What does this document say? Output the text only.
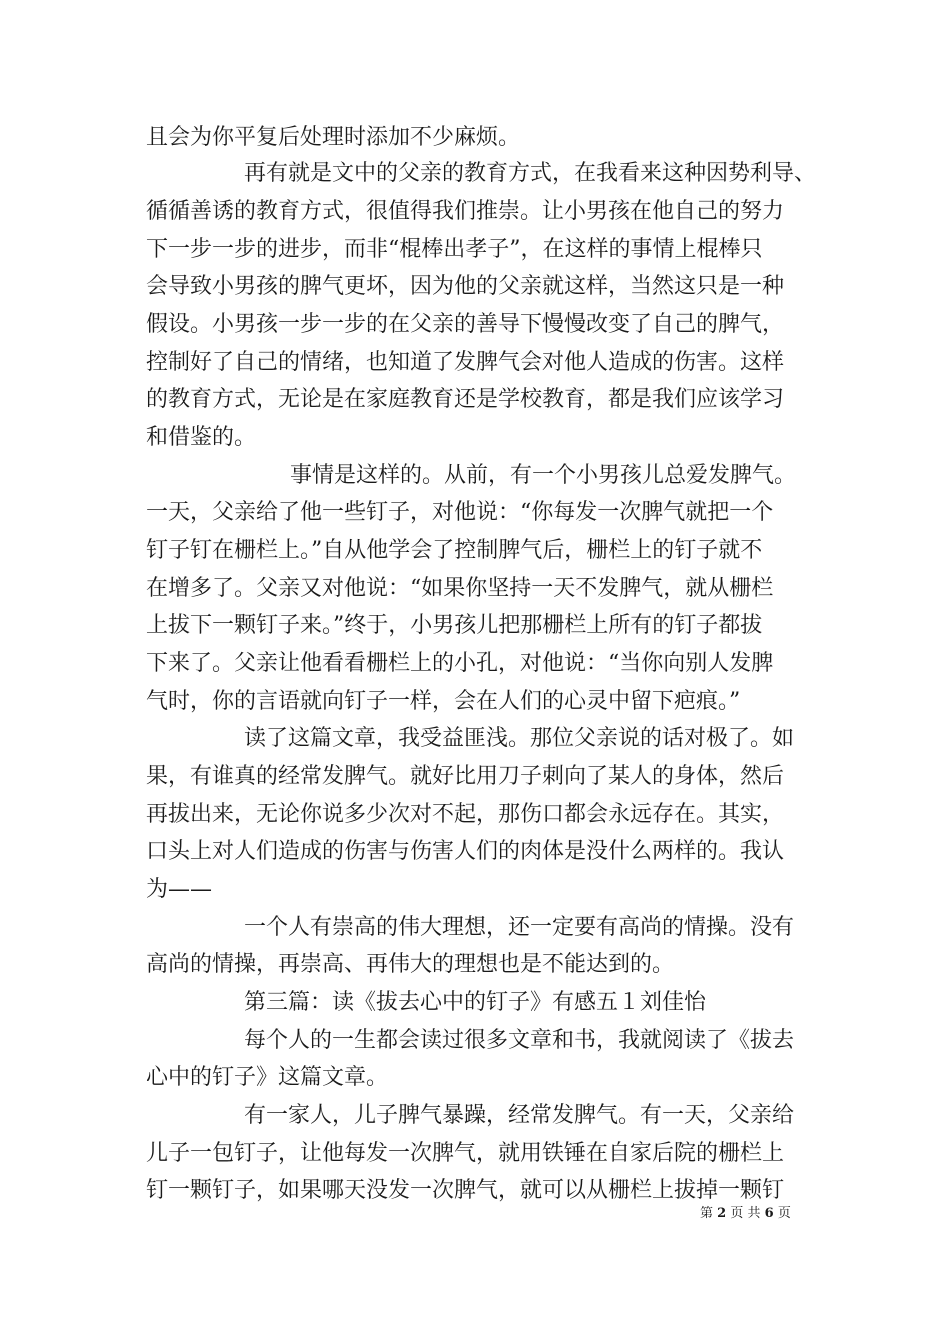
且会为你平复后处理时添加不少麻烦。
再有就是文中的父亲的教育方式，在我看来这种因势利导、
循循善诱的教育方式，很值得我们推崇。让小男孩在他自己的努力
下一步一步的进步，而非“棍棒出孝子”，在这样的事情上棍棒只
会导致小男孩的脾气更坏，因为他的父亲就这样，当然这只是一种
假设。小男孩一步一步的在父亲的善导下慢慢改变了自己的脾气，
控制好了自己的情绪，也知道了发脾气会对他人造成的伤害。这样
的教育方式，无论是在家庭教育还是学校教育，都是我们应该学习
和借鉴的。
事情是这样的。从前，有一个小男孩儿总爱发脾气。
一天，父亲给了他一些钉子，对他说：“你每发一次脾气就把一个
钉子钉在栅栏上。”自从他学会了控制脾气后，栅栏上的钉子就不
在增多了。父亲又对他说：“如果你坚持一天不发脾气，就从栅栏
上拔下一颗钉子来。”终于，小男孩儿把那栅栏上所有的钉子都拔
下来了。父亲让他看看栅栏上的小孔，对他说：“当你向别人发脾
气时，你的言语就向钉子一样，会在人们的心灵中留下疤痕。”
读了这篇文章，我受益匪浅。那位父亲说的话对极了。如
果，有谁真的经常发脾气。就好比用刀子刺向了某人的身体，然后
再拔出来，无论你说多少次对不起，那伤口都会永远存在。其实，
口头上对人们造成的伤害与伤害人们的肉体是没什么两样的。我认
为——
一个人有崇高的伟大理想，还一定要有高尚的情操。没有
高尚的情操，再崇高、再伟大的理想也是不能达到的。
第三篇：读《拔去心中的钉子》有感五１刘佳怡
每个人的一生都会读过很多文章和书，我就阅读了《拔去
心中的钉子》这篇文章。
有一家人，儿子脾气暴躁，经常发脾气。有一天，父亲给
儿子一包钉子，让他每发一次脾气，就用铁锤在自家后院的栅栏上
钉一颗钉子，如果哪天没发一次脾气，就可以从栅栏上拔掉一颗钉
第 2 页 共 6 页
